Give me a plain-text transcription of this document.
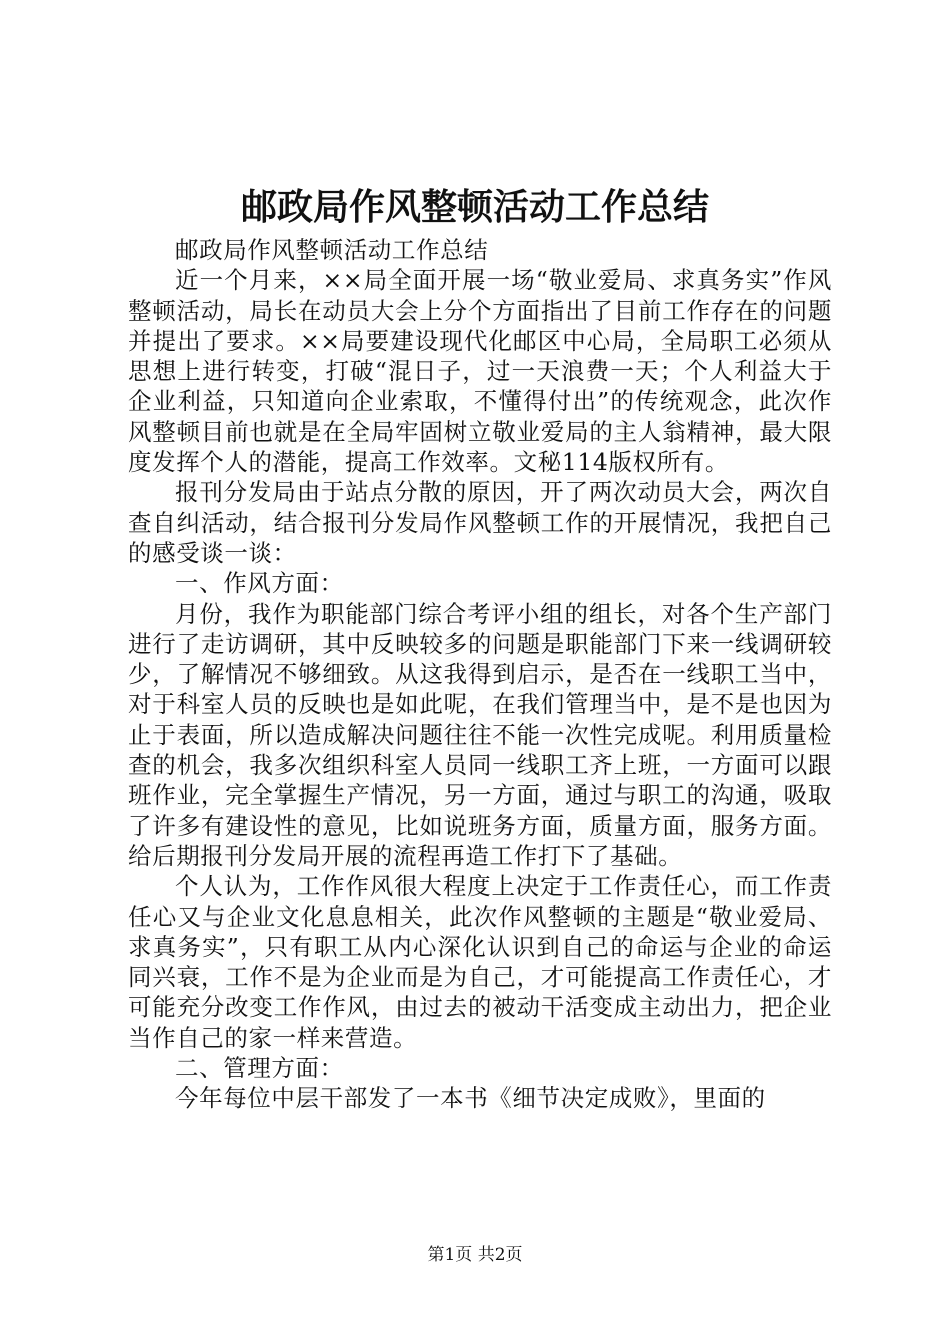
邮政局作风整顿活动工作总结

邮政局作风整顿活动工作总结

近一个月来，××局全面开展一场“敬业爱局、求真务实”作风整顿活动，局长在动员大会上分个方面指出了目前工作存在的问题并提出了要求。××局要建设现代化邮区中心局，全局职工必须从思想上进行转变，打破“混日子，过一天浪费一天；个人利益大于企业利益，只知道向企业索取，不懂得付出”的传统观念，此次作风整顿目前也就是在全局牢固树立敬业爱局的主人翁精神，最大限度发挥个人的潜能，提高工作效率。文秘114版权所有。

报刊分发局由于站点分散的原因，开了两次动员大会，两次自查自纠活动，结合报刊分发局作风整顿工作的开展情况，我把自己的感受谈一谈：

一、作风方面：

月份，我作为职能部门综合考评小组的组长，对各个生产部门进行了走访调研，其中反映较多的问题是职能部门下来一线调研较少，了解情况不够细致。从这我得到启示，是否在一线职工当中，对于科室人员的反映也是如此呢，在我们管理当中，是不是也因为止于表面，所以造成解决问题往往不能一次性完成呢。利用质量检查的机会，我多次组织科室人员同一线职工齐上班，一方面可以跟班作业，完全掌握生产情况，另一方面，通过与职工的沟通，吸取了许多有建设性的意见，比如说班务方面，质量方面，服务方面。给后期报刊分发局开展的流程再造工作打下了基础。

个人认为，工作作风很大程度上决定于工作责任心，而工作责任心又与企业文化息息相关，此次作风整顿的主题是“敬业爱局、求真务实”，只有职工从内心深化认识到自己的命运与企业的命运同兴衰，工作不是为企业而是为自己，才可能提高工作责任心，才可能充分改变工作作风，由过去的被动干活变成主动出力，把企业当作自己的家一样来营造。

二、管理方面：

今年每位中层干部发了一本书《细节决定成败》，里面的

第1页 共2页
